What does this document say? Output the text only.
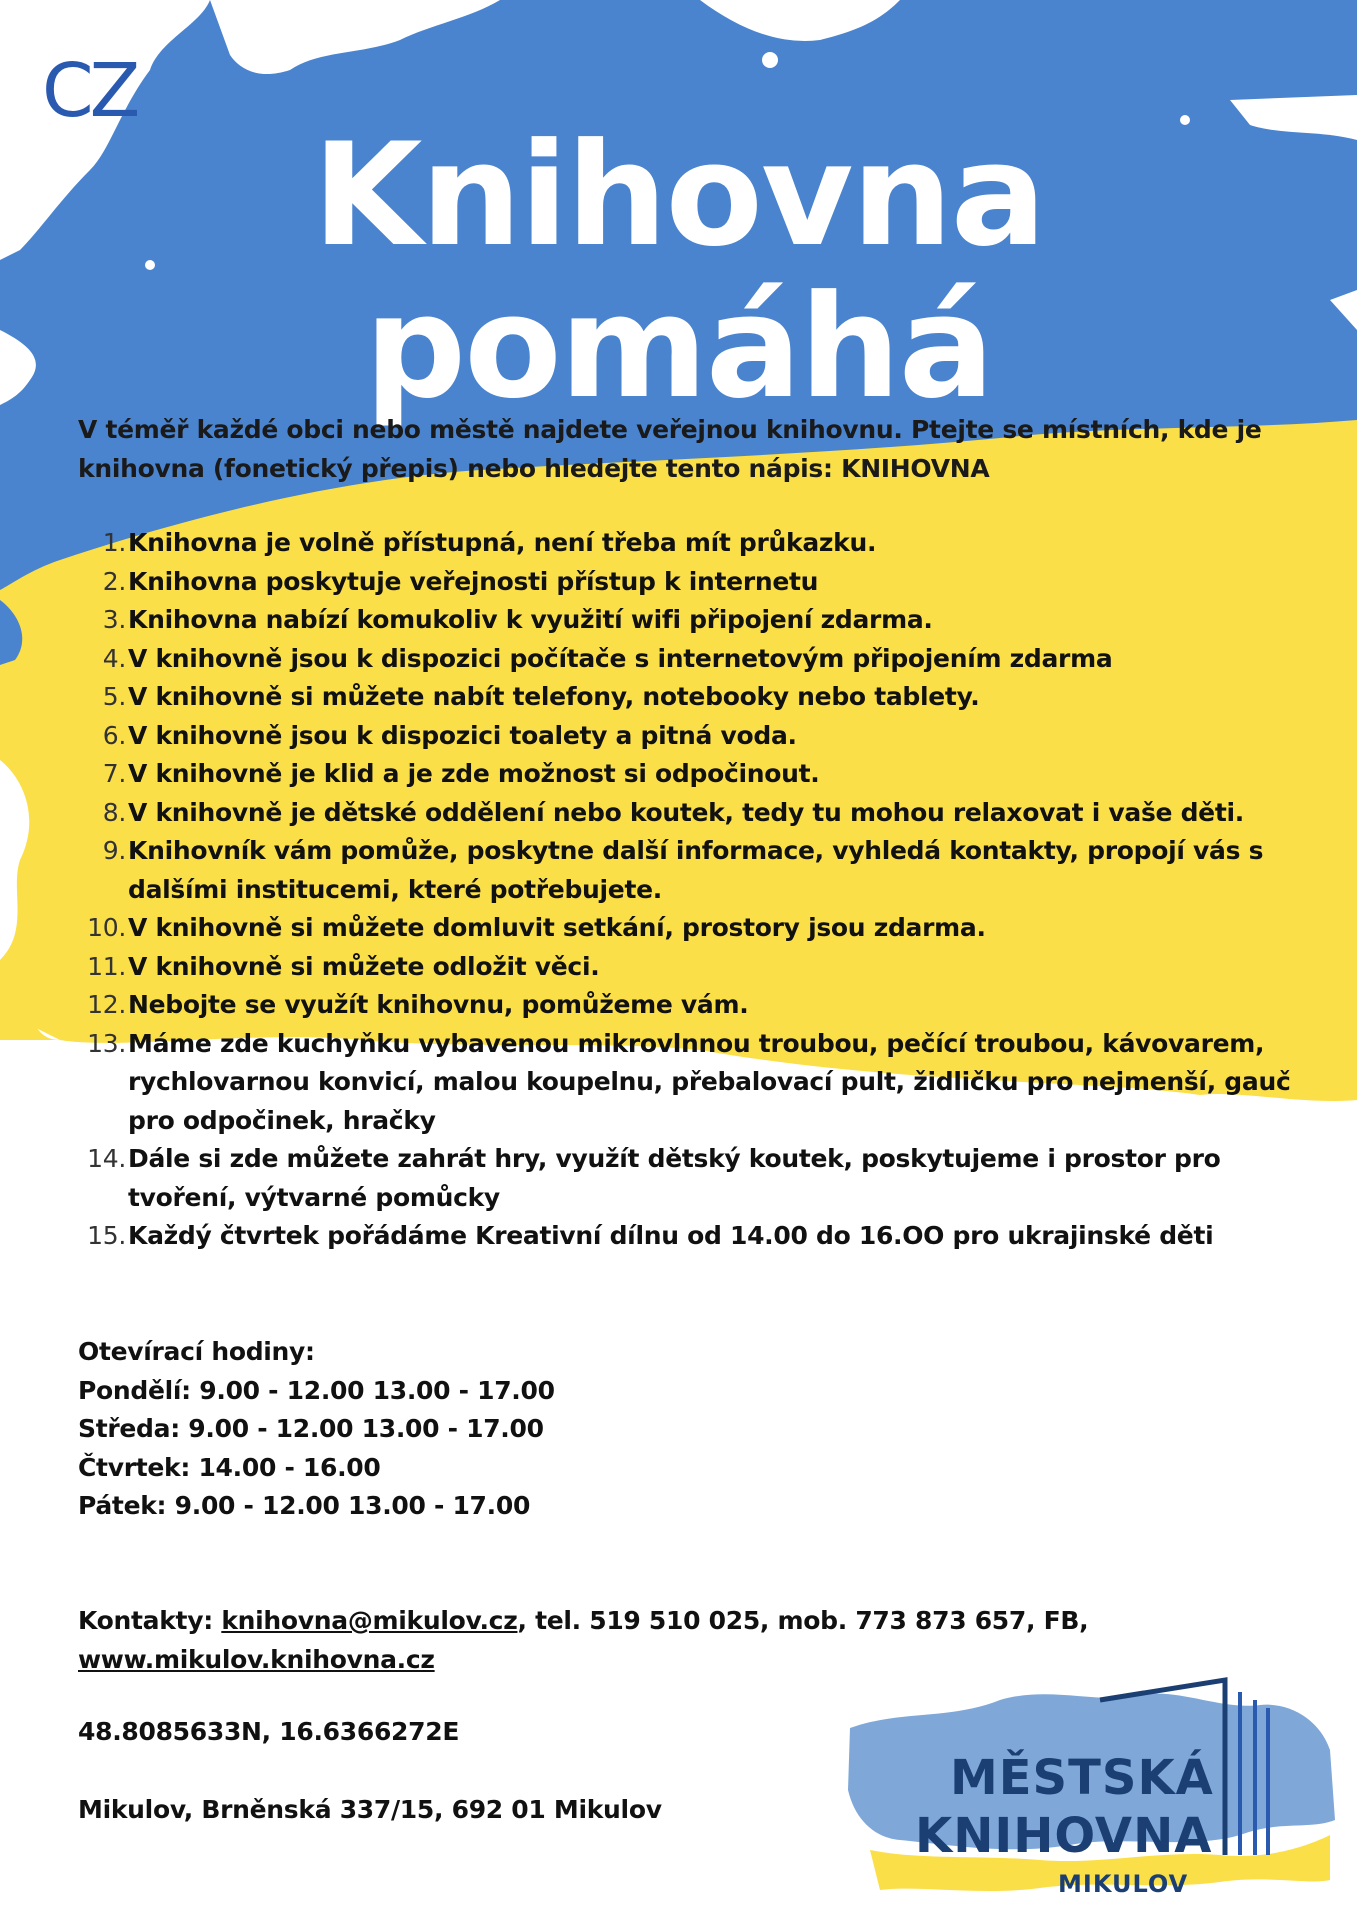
CZ
Knihovna
pomáhá
V téměř každé obci nebo městě najdete veřejnou knihovnu. Ptejte se místních, kde je knihovna (fonetický přepis) nebo hledejte tento nápis: KNIHOVNA
1. Knihovna je volně přístupná, není třeba mít průkazku.
2. Knihovna poskytuje veřejnosti přístup k internetu
3. Knihovna nabízí komukoliv k využití wifi připojení zdarma.
4. V knihovně jsou k dispozici počítače s internetovým připojením zdarma
5. V knihovně si můžete nabít telefony, notebooky nebo tablety.
6. V knihovně jsou k dispozici toalety a pitná voda.
7. V knihovně je klid a je zde možnost si odpočinout.
8. V knihovně je dětské oddělení nebo koutek, tedy tu mohou relaxovat i vaše děti.
9. Knihovník vám pomůže, poskytne další informace, vyhledá kontakty, propojí vás s dalšími institucemi, které potřebujete.
10. V knihovně si můžete domluvit setkání, prostory jsou zdarma.
11. V knihovně si můžete odložit věci.
12. Nebojte se využít knihovnu, pomůžeme vám.
13. Máme zde kuchyňku vybavenou mikrovlnnou troubou, pečící troubou, kávovarem, rychlovarnou konvicí, malou koupelnu, přebalovací pult, židličku pro nejmenší, gauč pro odpočinek, hračky
14. Dále si zde můžete zahrát hry, využít dětský koutek, poskytujeme i prostor pro tvoření, výtvarné pomůcky
15. Každý čtvrtek pořádáme Kreativní dílnu od 14.00 do 16.OO pro ukrajinské děti
Otevírací hodiny:
Pondělí: 9.00 - 12.00 13.00 - 17.00
Středa: 9.00 - 12.00 13.00 - 17.00
Čtvrtek: 14.00 - 16.00
Pátek: 9.00 - 12.00 13.00 - 17.00
Kontakty: knihovna@mikulov.cz, tel. 519 510 025, mob. 773 873 657, FB,
www.mikulov.knihovna.cz
48.8085633N, 16.6366272E
Mikulov, Brněnská 337/15, 692 01 Mikulov
MĚSTSKÁ
KNIHOVNA
MIKULOV
